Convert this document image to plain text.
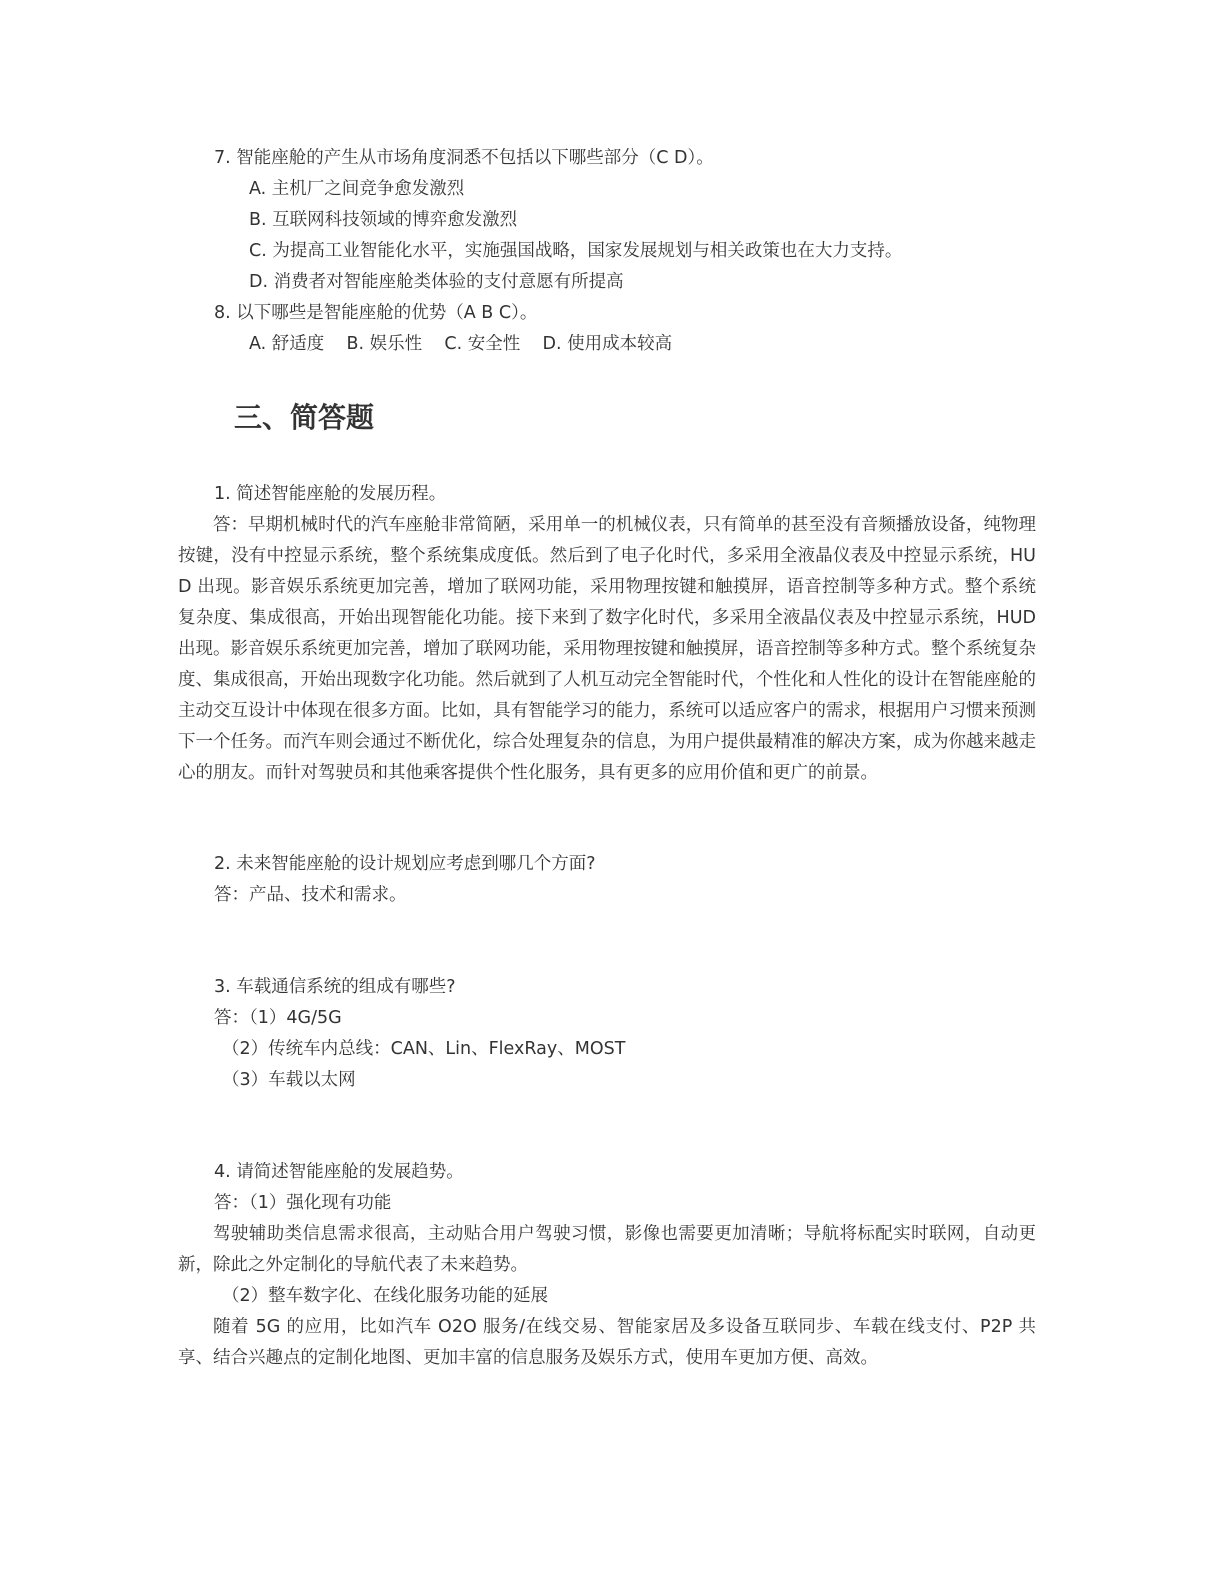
7. 智能座舱的产生从市场角度洞悉不包括以下哪些部分（C D）。
A. 主机厂之间竞争愈发激烈
B. 互联网科技领域的博弈愈发激烈
C. 为提高工业智能化水平，实施强国战略，国家发展规划与相关政策也在大力支持。
D. 消费者对智能座舱类体验的支付意愿有所提高
8. 以下哪些是智能座舱的优势（A B C）。
A. 舒适度    B. 娱乐性    C. 安全性    D. 使用成本较高
三、简答题
1. 简述智能座舱的发展历程。
答：早期机械时代的汽车座舱非常简陋，采用单一的机械仪表，只有简单的甚至没有音频播放设备，纯物理按键，没有中控显示系统，整个系统集成度低。然后到了电子化时代，多采用全液晶仪表及中控显示系统，HUD 出现。影音娱乐系统更加完善，增加了联网功能，采用物理按键和触摸屏，语音控制等多种方式。整个系统复杂度、集成很高，开始出现智能化功能。接下来到了数字化时代，多采用全液晶仪表及中控显示系统，HUD 出现。影音娱乐系统更加完善，增加了联网功能，采用物理按键和触摸屏，语音控制等多种方式。整个系统复杂度、集成很高，开始出现数字化功能。然后就到了人机互动完全智能时代，个性化和人性化的设计在智能座舱的主动交互设计中体现在很多方面。比如，具有智能学习的能力，系统可以适应客户的需求，根据用户习惯来预测下一个任务。而汽车则会通过不断优化，综合处理复杂的信息，为用户提供最精准的解决方案，成为你越来越走心的朋友。而针对驾驶员和其他乘客提供个性化服务，具有更多的应用价值和更广的前景。
2. 未来智能座舱的设计规划应考虑到哪几个方面?
答：产品、技术和需求。
3. 车载通信系统的组成有哪些?
答：（1）4G/5G
（2）传统车内总线：CAN、Lin、FlexRay、MOST
（3）车载以太网
4. 请简述智能座舱的发展趋势。
答：（1）强化现有功能
驾驶辅助类信息需求很高，主动贴合用户驾驶习惯，影像也需要更加清晰；导航将标配实时联网，自动更新，除此之外定制化的导航代表了未来趋势。
（2）整车数字化、在线化服务功能的延展
随着 5G 的应用，比如汽车 O2O 服务/在线交易、智能家居及多设备互联同步、车载在线支付、P2P 共享、结合兴趣点的定制化地图、更加丰富的信息服务及娱乐方式，使用车更加方便、高效。
